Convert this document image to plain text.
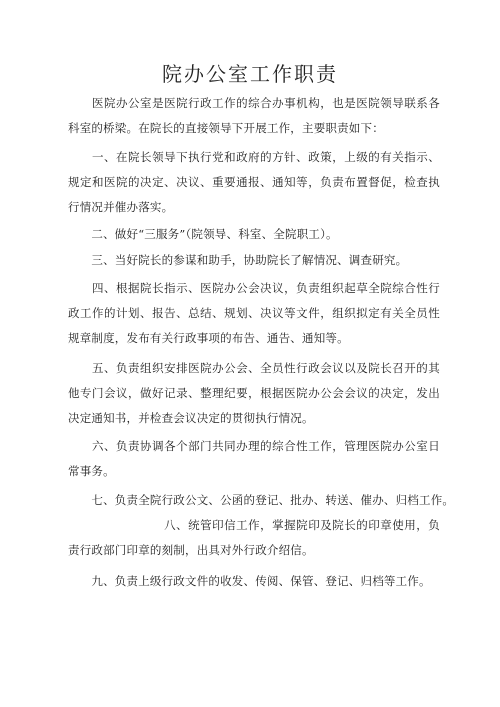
院办公室工作职责
　　医院办公室是医院行政工作的综合办事机构，也是医院领导联系各科室的桥梁。在院长的直接领导下开展工作，主要职责如下：
　　一、在院长领导下执行党和政府的方针、政策，上级的有关指示、规定和医院的决定、决议、重要通报、通知等，负责布置督促，检查执行情况并催办落实。
　　二、做好“三服务”（院领导、科室、全院职工）。
　　三、当好院长的参谋和助手，协助院长了解情况、调查研究。
　　四、根据院长指示、医院办公会决议，负责组织起草全院综合性行政工作的计划、报告、总结、规划、决议等文件，组织拟定有关全员性规章制度，发布有关行政事项的布告、通告、通知等。
　　五、负责组织安排医院办公会、全员性行政会议以及院长召开的其他专门会议，做好记录、整理纪要，根据医院办公会会议的决定，发出决定通知书，并检查会议决定的贯彻执行情况。
　　六、负责协调各个部门共同办理的综合性工作，管理医院办公室日常事务。
　　七、负责全院行政公文、公函的登记、批办、转送、催办、归档工作。
　　　　　　　　八、统管印信工作，掌握院印及院长的印章使用，负责行政部门印章的刻制，出具对外行政介绍信。
　　九、负责上级行政文件的收发、传阅、保管、登记、归档等工作。
